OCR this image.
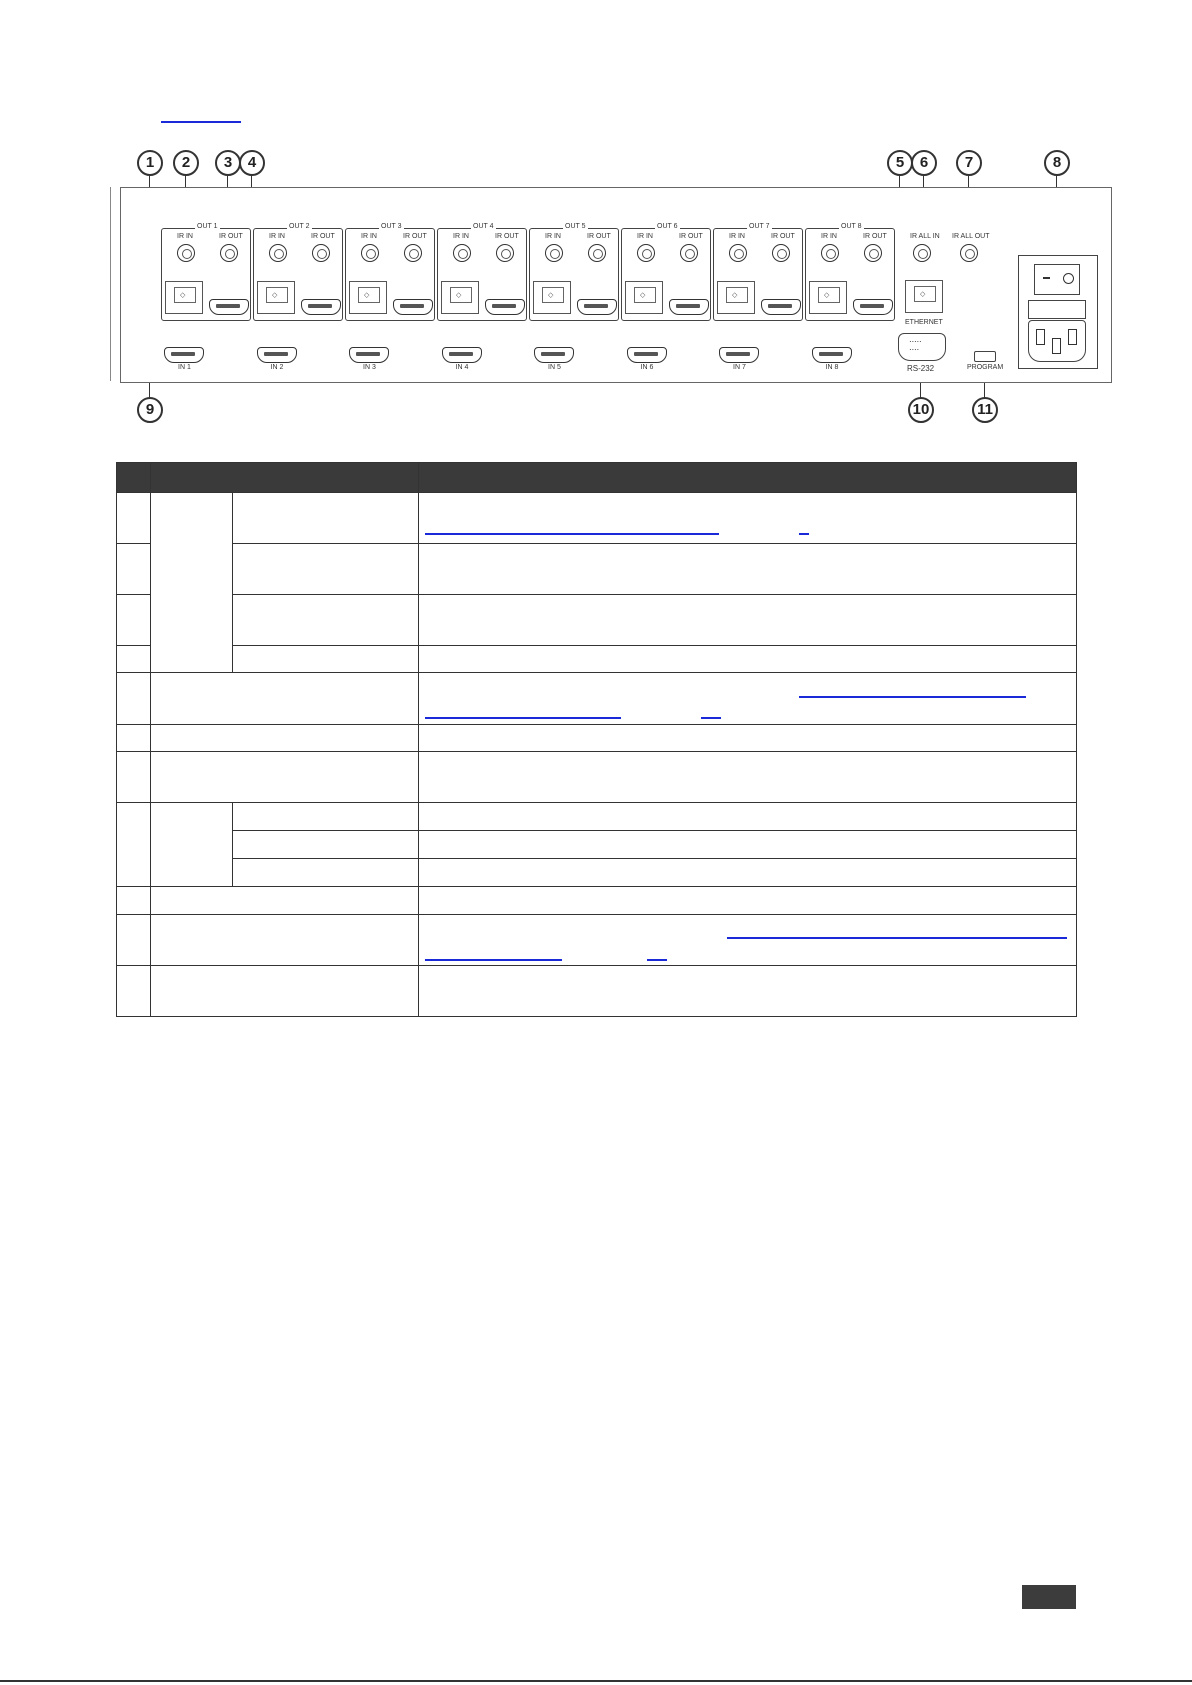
1	2	3	4	5	6	7	8
9	10	11
OUT 1
IR IN	IR OUT
◇
OUT 2
IR IN	IR OUT
◇
OUT 3
IR IN	IR OUT
◇
OUT 4
IR IN	IR OUT
◇
OUT 5
IR IN	IR OUT
◇
OUT 6
IR IN	IR OUT
◇
OUT 7
IR IN	IR OUT
◇
OUT 8
IR IN	IR OUT
◇	IR ALL IN IR ALL OUT
◇
ETHERNET
∙∙∙∙∙
RS-232	PROGRAM
IN 1	IN 2	IN 3	IN 4	IN 5	IN 6	IN 7	IN 8
